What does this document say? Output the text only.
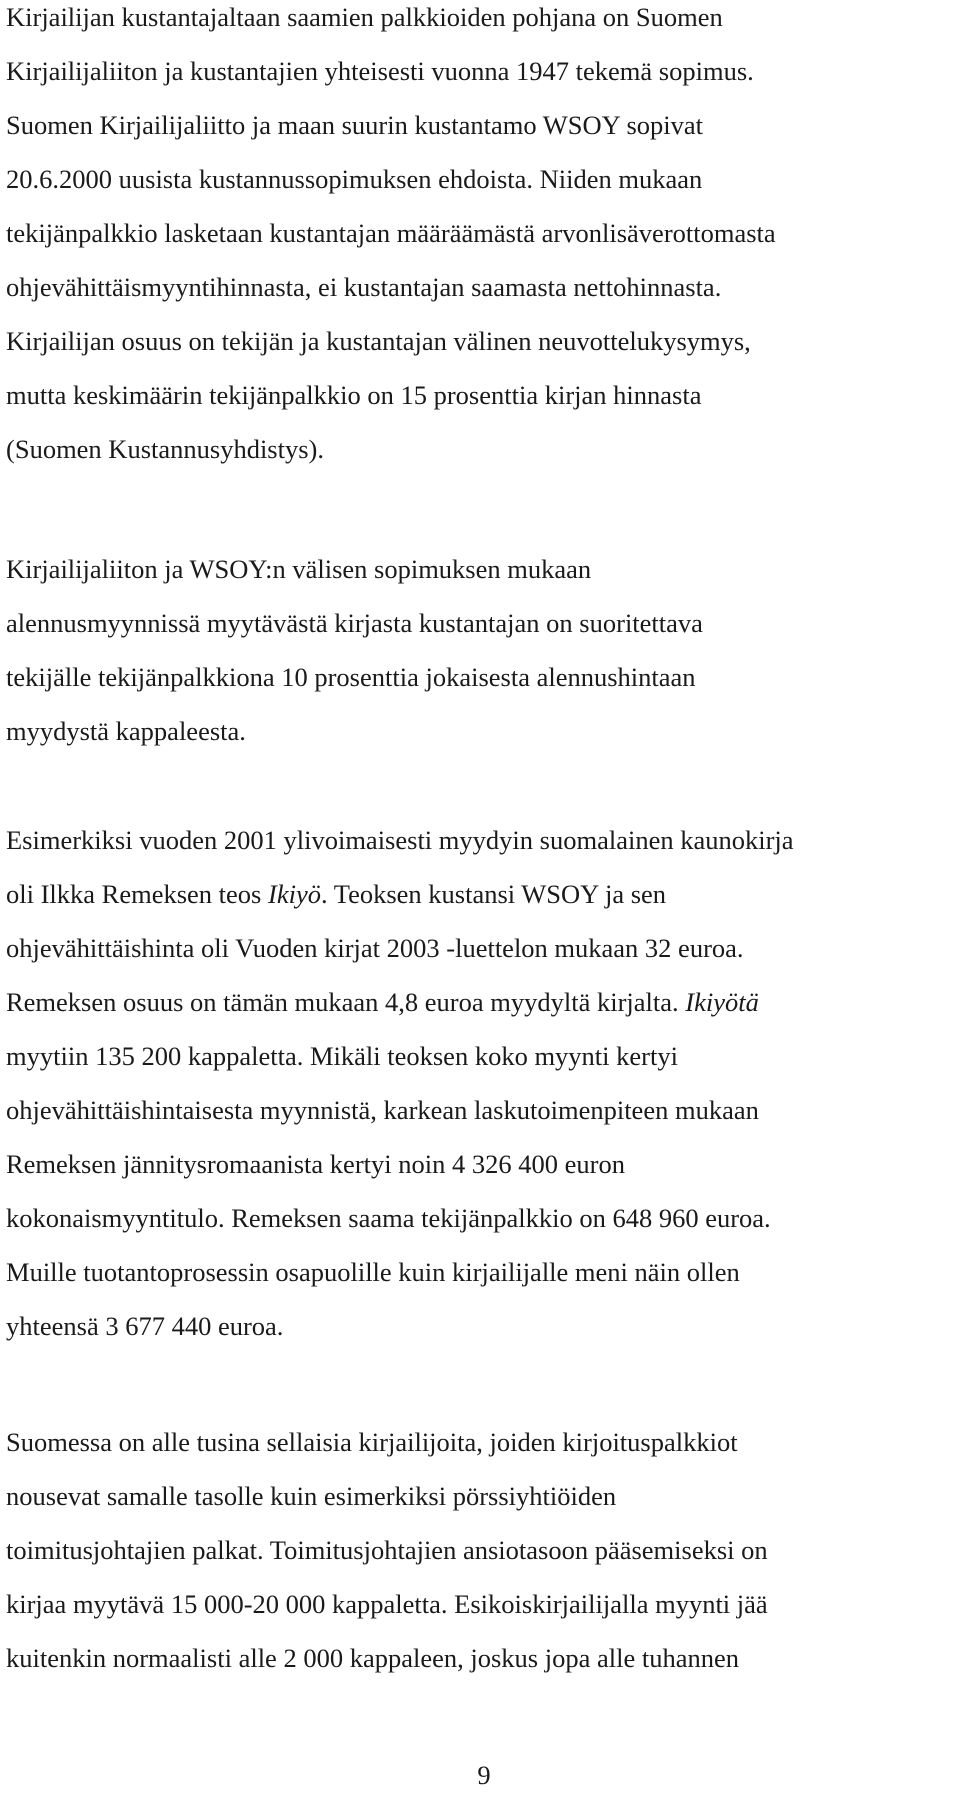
Kirjailijan kustantajaltaan saamien palkkioiden pohjana on Suomen
Kirjailijaliiton ja kustantajien yhteisesti vuonna 1947 tekemä sopimus.
Suomen Kirjailijaliitto ja maan suurin kustantamo WSOY sopivat
20.6.2000 uusista kustannussopimuksen ehdoista. Niiden mukaan
tekijänpalkkio lasketaan kustantajan määräämästä arvonlisäverottomasta
ohjevähittäismyyntihinnasta, ei kustantajan saamasta nettohinnasta.
Kirjailijan osuus on tekijän ja kustantajan välinen neuvottelukysymys,
mutta keskimäärin tekijänpalkkio on 15 prosenttia kirjan hinnasta
(Suomen Kustannusyhdistys).

Kirjailijaliiton ja WSOY:n välisen sopimuksen mukaan
alennusmyynnissä myytävästä kirjasta kustantajan on suoritettava
tekijälle tekijänpalkkiona 10 prosenttia jokaisesta alennushintaan
myydystä kappaleesta.

Esimerkiksi vuoden 2001 ylivoimaisesti myydyin suomalainen kaunokirja
oli Ilkka Remeksen teos Ikiyö. Teoksen kustansi WSOY ja sen
ohjevähittäishinta oli Vuoden kirjat 2003 -luettelon mukaan 32 euroa.
Remeksen osuus on tämän mukaan 4,8 euroa myydyltä kirjalta. Ikiyötä
myytiin 135 200 kappaletta. Mikäli teoksen koko myynti kertyi
ohjevähittäishintaisesta myynnistä, karkean laskutoimenpiteen mukaan
Remeksen jännitysromaanista kertyi noin 4 326 400 euron
kokonaismyyntitulo. Remeksen saama tekijänpalkkio on 648 960 euroa.
Muille tuotantoprosessin osapuolille kuin kirjailijalle meni näin ollen
yhteensä 3 677 440 euroa.

Suomessa on alle tusina sellaisia kirjailijoita, joiden kirjoituspalkkiot
nousevat samalle tasolle kuin esimerkiksi pörssiyhtiöiden
toimitusjohtajien palkat. Toimitusjohtajien ansiotasoon pääsemiseksi on
kirjaa myytävä 15 000-20 000 kappaletta. Esikoiskirjailijalla myynti jää
kuitenkin normaalisti alle 2 000 kappaleen, joskus jopa alle tuhannen

9
